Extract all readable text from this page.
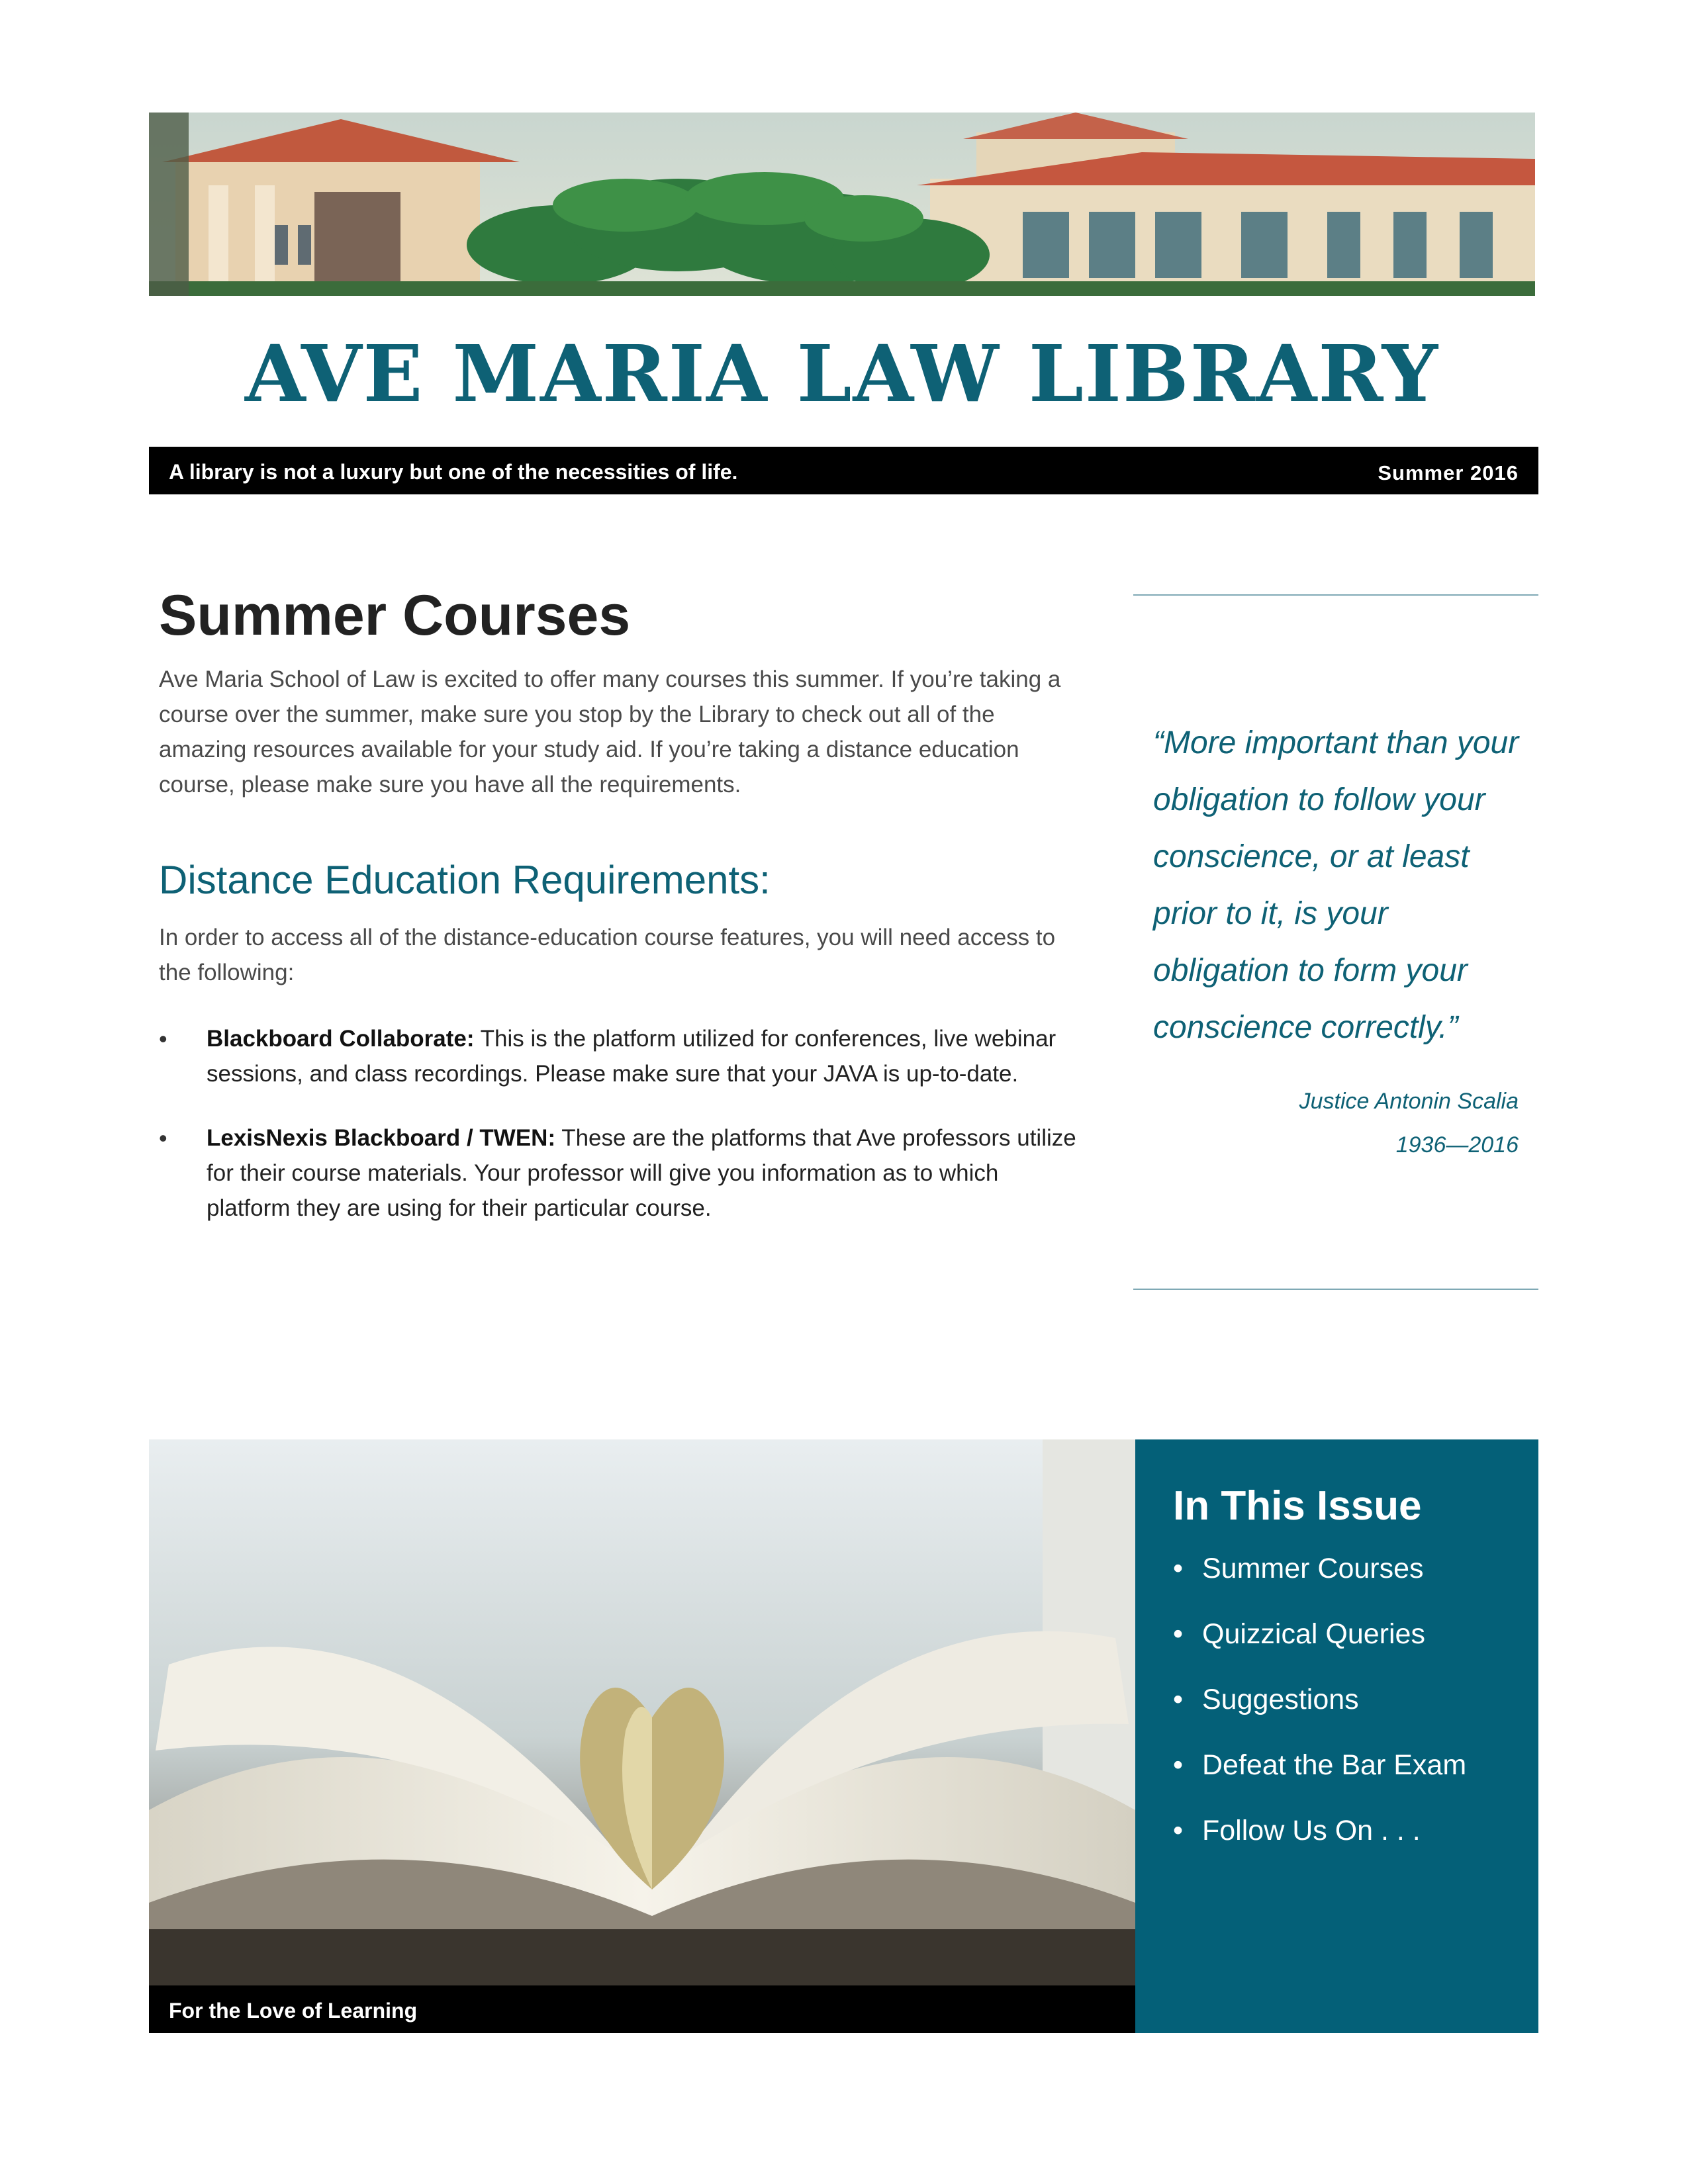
AVE MARIA LAW LIBRARY
A library is not a luxury but one of the necessities of life.	Summer 2016
Summer Courses
Ave Maria School of Law is excited to offer many courses this summer. If you’re taking a course over the summer, make sure you stop by the Library to check out all of the amazing resources available for your study aid. If you’re taking a distance education course, please make sure you have all the requirements.
Distance Education Requirements:
In order to access all of the distance-education course features, you will need access to the following:
• Blackboard Collaborate: This is the platform utilized for conferences, live webinar sessions, and class recordings. Please make sure that your JAVA is up-to-date.
• LexisNexis Blackboard / TWEN: These are the platforms that Ave professors utilize for their course materials. Your professor will give you information as to which platform they are using for their particular course.
“More important than your obligation to follow your conscience, or at least prior to it, is your obligation to form your conscience correctly.”
Justice Antonin Scalia
1936—2016
For the Love of Learning
In This Issue
• Summer Courses
• Quizzical Queries
• Suggestions
• Defeat the Bar Exam
• Follow Us On . . .
